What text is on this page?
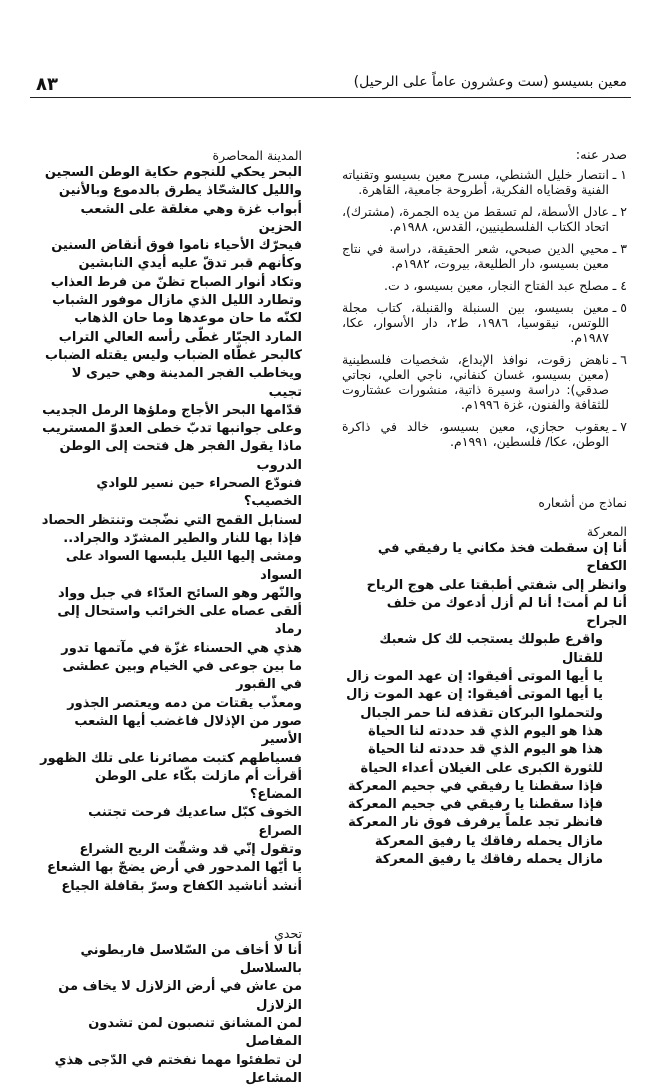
٨٣	معين بسيسو (ست وعشرون عاماً على الرحيل)
صدر عنه:
١ ـ
انتصار خليل الشنطي، مسرح معين بسيسو وتقنياته الفنية وقضاياه الفكرية، أطروحة جامعية، القاهرة.
٢ ـ
عادل الأسطة، لم تسقط من يده الجمرة، (مشترك)، اتحاد الكتاب الفلسطينيين، القدس، ١٩٨٨م.
٣ ـ
محيي الدين صبحي، شعر الحقيقة، دراسة في نتاج معين بسيسو، دار الطليعة، بيروت، ١٩٨٢م.
٤ ـ
مصلح عبد الفتاح النجار، معين بسيسو، د ت.
٥ ـ
معين بسيسو، بين السنبلة والقنبلة، كتاب مجلة اللوتس، نيقوسيا، ١٩٨٦، ط٢، دار الأسوار، عكا، ١٩٨٧م.
٦ ـ
ناهض زقوت، نوافذ الإبداع، شخصيات فلسطينية (معين بسيسو، غسان كنفاني، ناجي العلي، نجاتي صدقي): دراسة وسيرة ذاتية، منشورات عشتاروت للثقافة والفنون، غزة ١٩٩٦م.
٧ ـ
يعقوب حجازي، معين بسيسو، خالد في ذاكرة الوطن، عكا/ فلسطين، ١٩٩١م.
نماذج من أشعاره
المعركة
أنا إن سقطت فخذ مكاني يا رفيقي في الكفاح
وانظر إلى شفتي أطبقتا على هوج الرياح
أنا لم أمت! أنا لم أزل أدعوك من خلف الجراح
واقرع طبولك يستجب لك كل شعبك للقتال
يا أيها الموتى أفيقوا: إن عهد الموت زال
يا أيها الموتى أفيقوا: إن عهد الموت زال
ولتحملوا البركان تقذفه لنا حمر الجبال
هذا هو اليوم الذي قد حددته لنا الحياة
هذا هو اليوم الذي قد حددته لنا الحياة
للثورة الكبرى على الغيلان أعداء الحياة
فإذا سقطنا يا رفيقي في جحيم المعركة
فإذا سقطنا يا رفيقي في جحيم المعركة
فانظر تجد علماً يرفرف فوق نار المعركة
مازال يحمله رفاقك يا رفيق المعركة
مازال يحمله رفاقك يا رفيق المعركة
المدينة المحاصرة
البحر يحكي للنجوم حكاية الوطن السجين
والليل كالشحّاذ يطرق بالدموع وبالأنين
أبواب غزة وهي مغلقة على الشعب الحزين
فيحرّك الأحياء ناموا فوق أنقاض السنين
وكأنهم قبر تدقّ عليه أيدي النابشين
وتكاد أنوار الصباح تظنّ من فرط العذاب
وتطارد الليل الذي مازال موفور الشباب
لكنّه ما حان موعدها وما حان الذهاب
المارد الجبّار غطّى رأسه العالي التراب
كالبحر غطّاه الضباب وليس يقتله الضباب
ويخاطب الفجر المدينة وهي حيرى لا تجيب
قدّامها البحر الأجاج وملؤها الرمل الجديب
وعلى جوانبها تدبّ خطى العدوّ المستريب
ماذا يقول الفجر هل فتحت إلى الوطن الدروب
فنودّع الصحراء حين نسير للوادي الخصيب؟
لسنابل القمح التي نضّجت وتنتظر الحصاد
فإذا بها للنار والطير المشرّد والجراد..
ومشى إليها الليل يلبسها السواد على السواد
والنّهر وهو السائح العدّاء في جبل وواد
ألقى عصاه على الخرائب واستحال إلى رماد
هذي هي الحسناء غزّة في مآتمها تدور
ما بين جوعى في الخيام وبين عطشى في القبور
ومعذّب يقتات من دمه ويعتصر الجذور
صور من الإذلال فاغضب أيها الشعب الأسير
فسياطهم كتبت مصائرنا على تلك الظهور
أقرأت أم مازلت بكّاء على الوطن المضاع؟
الخوف كبّل ساعديك فرحت تجتنب الصراع
وتقول إنّي قد وشقّت الريح الشراع
يا أيّها المدحور في أرض يضجّ بها الشعاع
أنشد أناشيد الكفاح وسرّ بقافلة الجياع
تحدي
أنا لا أخاف من السّلاسل فاربطوني بالسلاسل
من عاش في أرض الزلازل لا يخاف من الزلازل
لمن المشانق تنصبون لمن تشدون المفاصل
لن تطفئوا مهما نفختم في الدّجى هذي المشاعل
